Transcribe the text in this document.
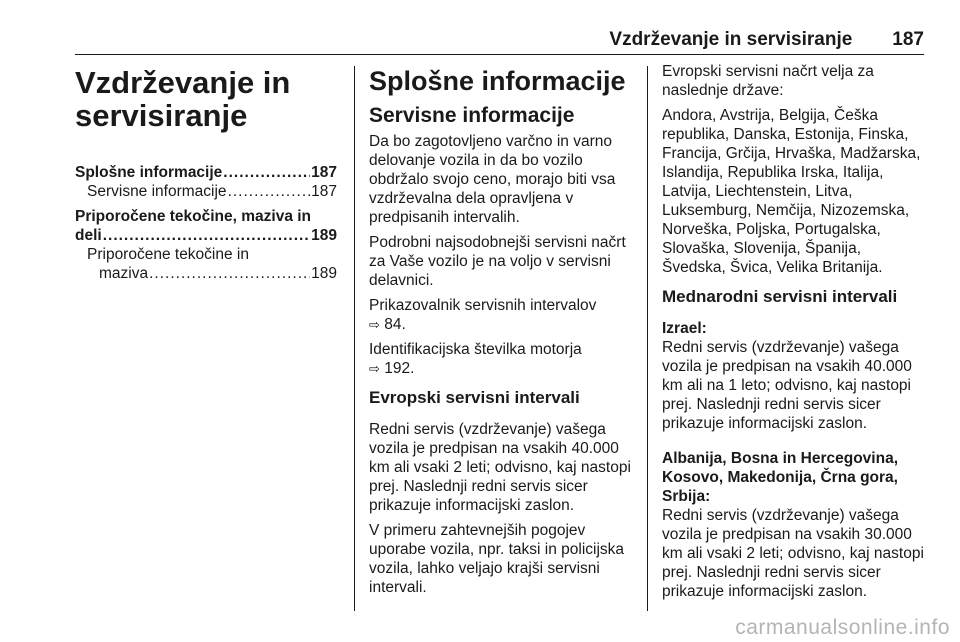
Vzdrževanje in servisiranje 187
Vzdrževanje in
servisiranje
Splošne informacije .....	187
Servisne informacije .....	187
Priporočene tekočine, maziva in
deli .....	189
Priporočene tekočine in
maziva .....	189
Splošne informacije
Servisne informacije

Da bo zagotovljeno varčno in varno delovanje vozila in da bo vozilo obdržalo svojo ceno, morajo biti vsa vzdrževalna dela opravljena v predpisanih intervalih.

Podrobni najsodobnejši servisni načrt za Vaše vozilo je na voljo v servisni delavnici.

Prikazovalnik servisnih intervalov
⇨ 84.

Identifikacijska številka motorja
⇨ 192.

Evropski servisni intervali

Redni servis (vzdrževanje) vašega vozila je predpisan na vsakih 40.000 km ali vsaki 2 leti; odvisno, kaj nastopi prej. Naslednji redni servis sicer prikazuje informacijski zaslon.

V primeru zahtevnejših pogojev uporabe vozila, npr. taksi in policijska vozila, lahko veljajo krajši servisni intervali.

Evropski servisni načrt velja za naslednje države:

Andora, Avstrija, Belgija, Češka republika, Danska, Estonija, Finska, Francija, Grčija, Hrvaška, Madžarska, Islandija, Republika Irska, Italija, Latvija, Liechtenstein, Litva, Luksemburg, Nemčija, Nizozemska, Norveška, Poljska, Portugalska, Slovaška, Slovenija, Španija, Švedska, Švica, Velika Britanija.

Mednarodni servisni intervali
Izrael:

Redni servis (vzdrževanje) vašega vozila je predpisan na vsakih 40.000 km ali na 1 leto; odvisno, kaj nastopi prej. Naslednji redni servis sicer prikazuje informacijski zaslon.

Albanija, Bosna in Hercegovina, Kosovo, Makedonija, Črna gora, Srbija:

Redni servis (vzdrževanje) vašega vozila je predpisan na vsakih 30.000 km ali vsaki 2 leti; odvisno, kaj nastopi prej. Naslednji redni servis sicer prikazuje informacijski zaslon.

carmanualsonline.info
